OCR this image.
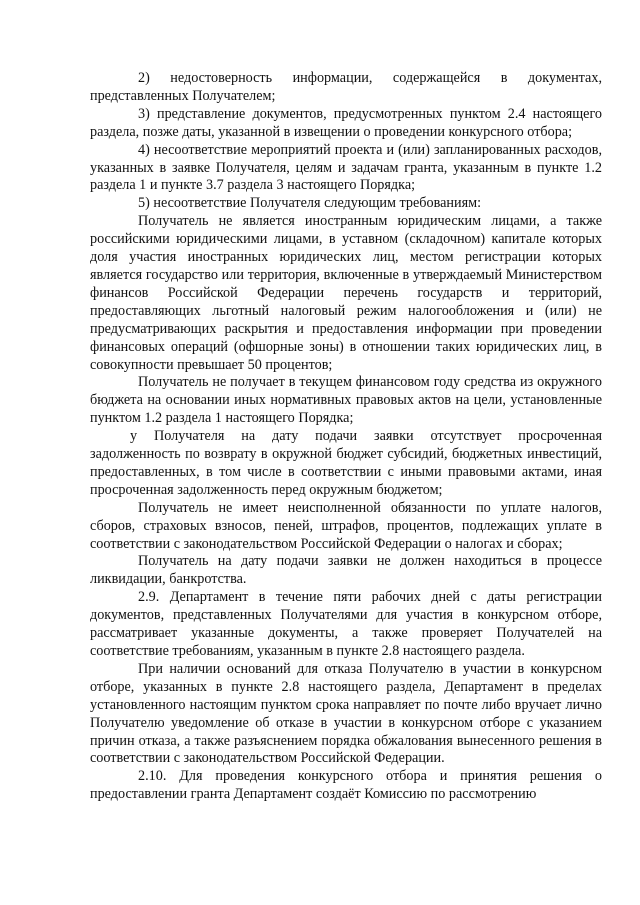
2) недостоверность информации, содержащейся в документах, представленных Получателем;

3) представление документов, предусмотренных пунктом 2.4 настоящего раздела, позже даты, указанной в извещении о проведении конкурсного отбора;

4) несоответствие мероприятий проекта и (или) запланированных расходов, указанных в заявке Получателя, целям и задачам гранта, указанным в пункте 1.2 раздела 1 и пункте 3.7 раздела 3 настоящего Порядка;

5) несоответствие Получателя следующим требованиям:

Получатель не является иностранным юридическим лицами, а также российскими юридическими лицами, в уставном (складочном) капитале которых доля участия иностранных юридических лиц, местом регистрации которых является государство или территория, включенные в утверждаемый Министерством финансов Российской Федерации перечень государств и территорий, предоставляющих льготный налоговый режим налогообложения и (или) не предусматривающих раскрытия и предоставления информации при проведении финансовых операций (офшорные зоны) в отношении таких юридических лиц, в совокупности превышает 50 процентов;

Получатель не получает в текущем финансовом году средства из окружного бюджета на основании иных нормативных правовых актов на цели, установленные пунктом 1.2 раздела 1 настоящего Порядка;

у Получателя на дату подачи заявки отсутствует просроченная задолженность по возврату в окружной бюджет субсидий, бюджетных инвестиций, предоставленных, в том числе в соответствии с иными правовыми актами, иная просроченная задолженность перед окружным бюджетом;

Получатель не имеет неисполненной обязанности по уплате налогов, сборов, страховых взносов, пеней, штрафов, процентов, подлежащих уплате в соответствии с законодательством Российской Федерации о налогах и сборах;

Получатель на дату подачи заявки не должен находиться в процессе ликвидации, банкротства.

2.9. Департамент в течение пяти рабочих дней с даты регистрации документов, представленных Получателями для участия в конкурсном отборе, рассматривает указанные документы, а также проверяет Получателей на соответствие требованиям, указанным в пункте 2.8 настоящего раздела.

При наличии оснований для отказа Получателю в участии в конкурсном отборе, указанных в пункте 2.8 настоящего раздела, Департамент в пределах установленного настоящим пунктом срока направляет по почте либо вручает лично Получателю уведомление об отказе в участии в конкурсном отборе с указанием причин отказа, а также разъяснением порядка обжалования вынесенного решения в соответствии с законодательством Российской Федерации.

2.10. Для проведения конкурсного отбора и принятия решения о предоставлении гранта Департамент создаёт Комиссию по рассмотрению
